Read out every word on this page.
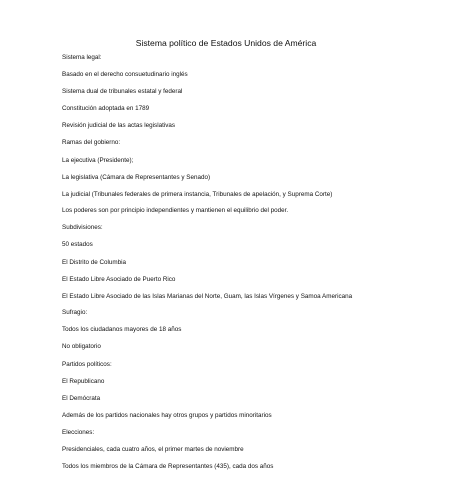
Sistema político de Estados Unidos de América
Sistema legal:
Basado en el derecho consuetudinario inglés
Sistema dual de tribunales estatal y federal
Constitución adoptada en 1789
Revisión judicial de las actas legislativas
Ramas del gobierno:
La ejecutiva (Presidente);
La legislativa (Cámara de Representantes y Senado)
La judicial (Tribunales federales de primera instancia, Tribunales de apelación, y Suprema Corte)
Los poderes son por principio independientes y mantienen el equilibrio del poder.
Subdivisiones:
50 estados
El Distrito de Columbia
El Estado Libre Asociado de Puerto Rico
El Estado Libre Asociado de las Islas Marianas del Norte, Guam, las Islas Vírgenes y Samoa Americana
Sufragio:
Todos los ciudadanos mayores de 18 años
No obligatorio
Partidos políticos:
El Republicano
El Demócrata
Además de los partidos nacionales hay otros grupos y partidos minoritarios
Elecciones:
Presidenciales, cada cuatro años, el primer martes de noviembre
Todos los miembros de la Cámara de Representantes (435), cada dos años
